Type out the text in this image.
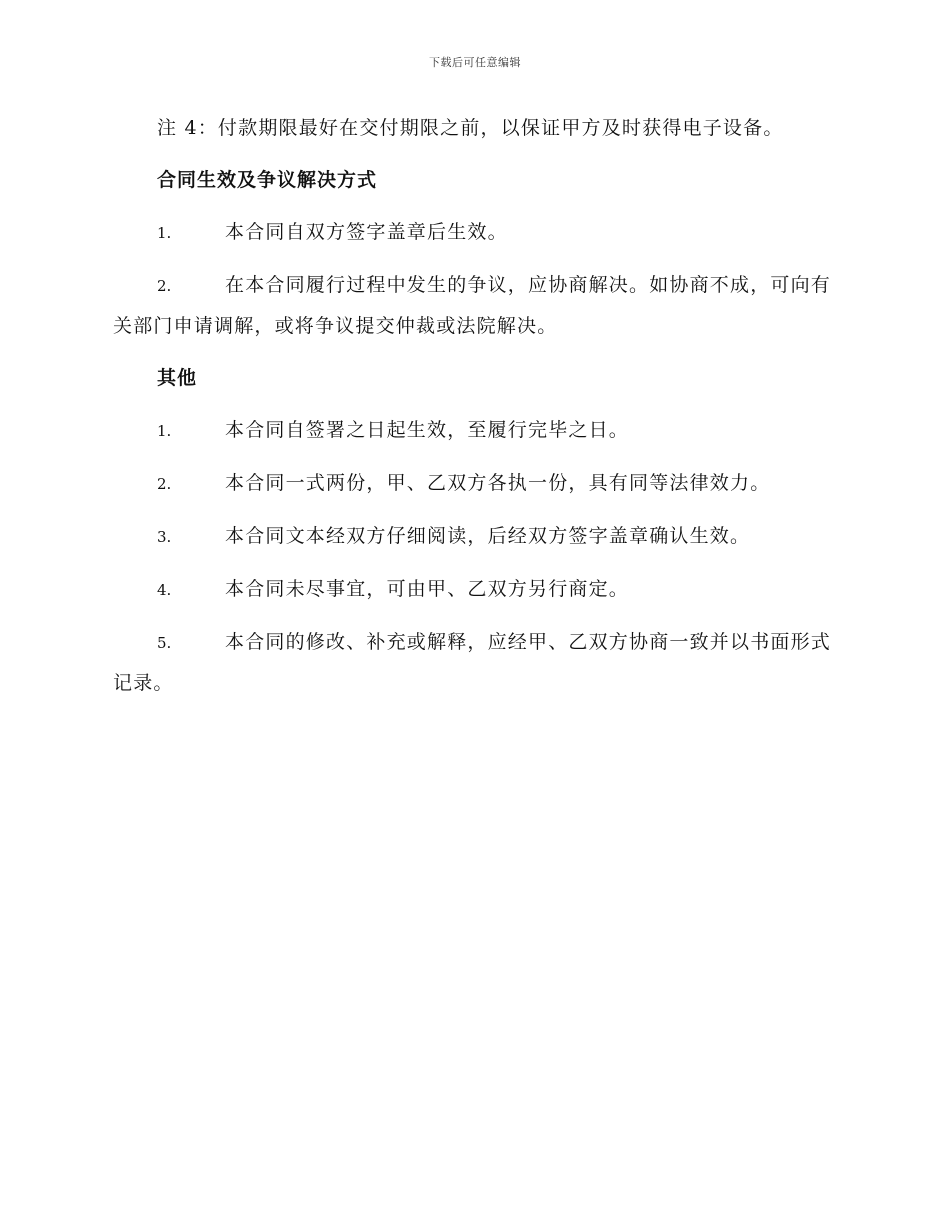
下载后可任意编辑

注 4：付款期限最好在交付期限之前，以保证甲方及时获得电子设备。

合同生效及争议解决方式

1.	本合同自双方签字盖章后生效。

2.	在本合同履行过程中发生的争议，应协商解决。如协商不成，可向有关部门申请调解，或将争议提交仲裁或法院解决。

其他

1.	本合同自签署之日起生效，至履行完毕之日。

2.	本合同一式两份，甲、乙双方各执一份，具有同等法律效力。

3.	本合同文本经双方仔细阅读，后经双方签字盖章确认生效。

4.	本合同未尽事宜，可由甲、乙双方另行商定。

5.	本合同的修改、补充或解释，应经甲、乙双方协商一致并以书面形式记录。
